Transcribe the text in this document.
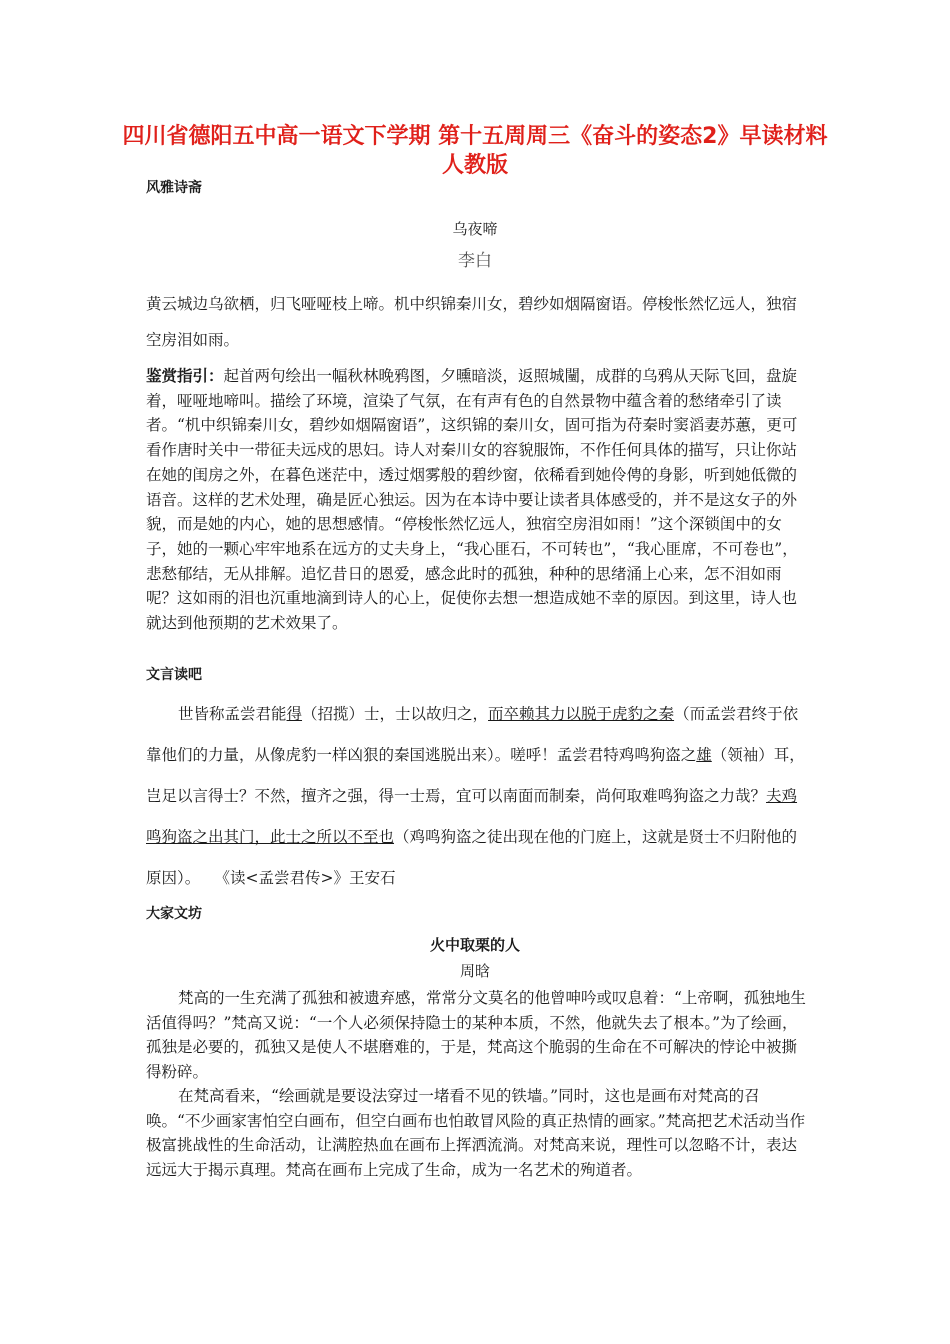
四川省德阳五中高一语文下学期 第十五周周三《奋斗的姿态2》早读材料 人教版
风雅诗斋

乌夜啼

李白

黄云城边乌欲栖，归飞哑哑枝上啼。机中织锦秦川女，碧纱如烟隔窗语。停梭怅然忆远人，独宿空房泪如雨。

鉴赏指引：起首两句绘出一幅秋林晚鸦图，夕曛暗淡，返照城闉，成群的乌鸦从天际飞回，盘旋着，哑哑地啼叫。描绘了环境，渲染了气氛，在有声有色的自然景物中蕴含着的愁绪牵引了读者。“机中织锦秦川女，碧纱如烟隔窗语”，这织锦的秦川女，固可指为苻秦时窦滔妻苏蕙，更可看作唐时关中一带征夫远戍的思妇。诗人对秦川女的容貌服饰，不作任何具体的描写，只让你站在她的闺房之外，在暮色迷茫中，透过烟雾般的碧纱窗，依稀看到她伶俜的身影，听到她低微的语音。这样的艺术处理，确是匠心独运。因为在本诗中要让读者具体感受的，并不是这女子的外貌，而是她的内心，她的思想感情。“停梭怅然忆远人，独宿空房泪如雨！”这个深锁闺中的女子，她的一颗心牢牢地系在远方的丈夫身上，“我心匪石，不可转也”，“我心匪席，不可卷也”，悲愁郁结，无从排解。追忆昔日的恩爱，感念此时的孤独，种种的思绪涌上心来，怎不泪如雨呢？这如雨的泪也沉重地滴到诗人的心上，促使你去想一想造成她不幸的原因。到这里，诗人也就达到他预期的艺术效果了。

文言读吧

世皆称孟尝君能得（招揽）士，士以故归之，而卒赖其力以脱于虎豹之秦（而孟尝君终于依靠他们的力量，从像虎豹一样凶狠的秦国逃脱出来）。嗟呼！孟尝君特鸡鸣狗盗之雄（领袖）耳，岂足以言得士？不然，擅齐之强，得一士焉，宜可以南面而制秦，尚何取难鸣狗盗之力哉？夫鸡鸣狗盗之出其门，此士之所以不至也（鸡鸣狗盗之徒出现在他的门庭上，这就是贤士不归附他的原因）。 《读<孟尝君传>》王安石

大家文坊

火中取栗的人

周晗

梵高的一生充满了孤独和被遗弃感，常常分文莫名的他曾呻吟或叹息着：“上帝啊，孤独地生活值得吗？”梵高又说：“一个人必须保持隐士的某种本质，不然，他就失去了根本。”为了绘画，孤独是必要的，孤独又是使人不堪磨难的，于是，梵高这个脆弱的生命在不可解决的悖论中被撕得粉碎。

在梵高看来，“绘画就是要设法穿过一堵看不见的铁墙。”同时，这也是画布对梵高的召唤。“不少画家害怕空白画布，但空白画布也怕敢冒风险的真正热情的画家。”梵高把艺术活动当作极富挑战性的生命活动，让满腔热血在画布上挥洒流淌。对梵高来说，理性可以忽略不计，表达远远大于揭示真理。梵高在画布上完成了生命，成为一名艺术的殉道者。
